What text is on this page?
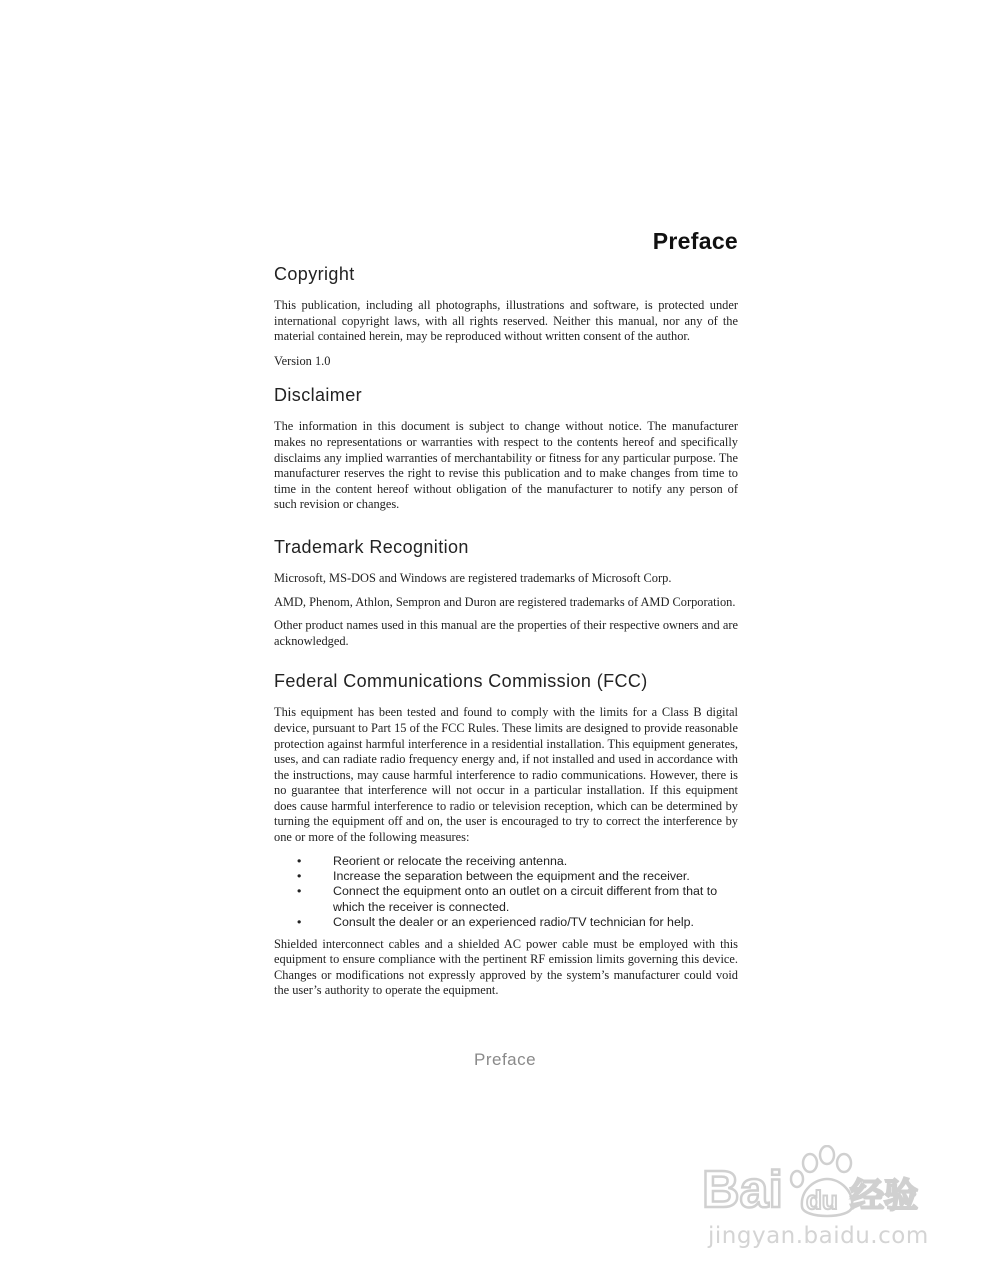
Preface
Copyright

This publication, including all photographs, illustrations and software, is protected under international copyright laws, with all rights reserved. Neither this manual, nor any of the material contained herein, may be reproduced without written consent of the author.

Version 1.0

Disclaimer

The information in this document is subject to change without notice. The manufacturer makes no representations or warranties with respect to the contents hereof and specifically disclaims any implied warranties of merchantability or fitness for any particular purpose. The manufacturer reserves the right to revise this publication and to make changes from time to time in the content hereof without obligation of the manufacturer to notify any person of such revision or changes.

Trademark Recognition

Microsoft, MS-DOS and Windows are registered trademarks of Microsoft Corp.

AMD, Phenom, Athlon, Sempron and Duron are registered trademarks of AMD Corporation.

Other product names used in this manual are the properties of their respective owners and are acknowledged.

Federal Communications Commission (FCC)

This equipment has been tested and found to comply with the limits for a Class B digital device, pursuant to Part 15 of the FCC Rules. These limits are designed to provide reasonable protection against harmful interference in a residential installation. This equipment generates, uses, and can radiate radio frequency energy and, if not installed and used in accordance with the instructions, may cause harmful interference to radio communications. However, there is no guarantee that interference will not occur in a particular installation. If this equipment does cause harmful interference to radio or television reception, which can be determined by turning the equipment off and on, the user is encouraged to try to correct the interference by one or more of the following measures:

•	Reorient or relocate the receiving antenna.
•	Increase the separation between the equipment and the receiver.
•	Connect the equipment onto an outlet on a circuit different from that to which the receiver is connected.
•	Consult the dealer or an experienced radio/TV technician for help.

Shielded interconnect cables and a shielded AC power cable must be employed with this equipment to ensure compliance with the pertinent RF emission limits governing this device. Changes or modifications not expressly approved by the system’s manufacturer could void the user’s authority to operate the equipment.

Preface
Bai du 经验
jingyan.baidu.com
